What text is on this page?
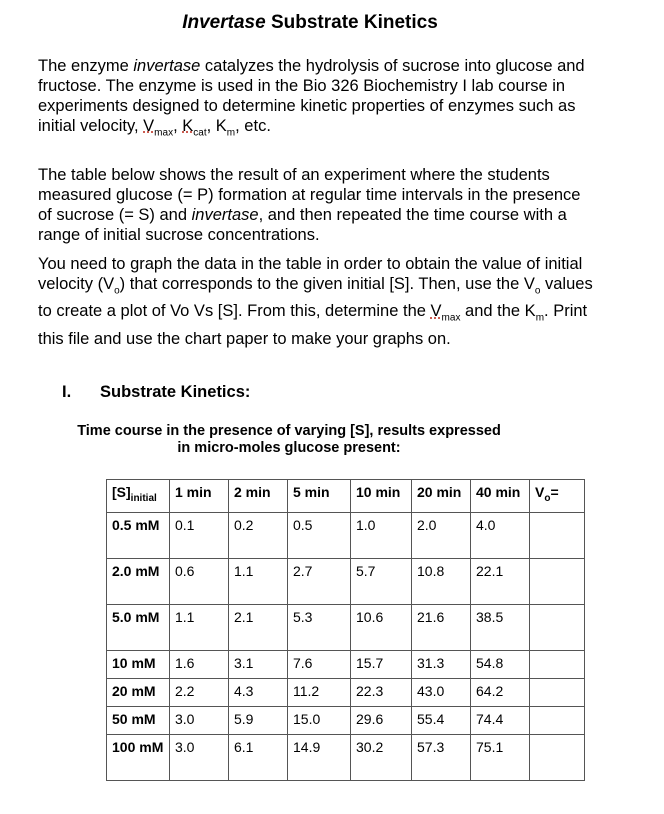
Invertase Substrate Kinetics
The enzyme invertase catalyzes the hydrolysis of sucrose into glucose and fructose. The enzyme is used in the Bio 326 Biochemistry I lab course in experiments designed to determine kinetic properties of enzymes such as initial velocity, $V_{max}$, $K_{cat}$, $K_m$, etc.
The table below shows the result of an experiment where the students measured glucose (= P) formation at regular time intervals in the presence of sucrose (= S) and invertase, and then repeated the time course with a range of initial sucrose concentrations.
You need to graph the data in the table in order to obtain the value of initial velocity $(V_o)$ that corresponds to the given initial [S]. Then, use the $V_o$ values to create a plot of Vo Vs [S]. From this, determine the $V_{max}$ and the $K_m$. Print this file and use the chart paper to make your graphs on.
I. Substrate Kinetics:
Time course in the presence of varying [S], results expressed
in micro-moles glucose present:
$[S]_{initial}$	1 min	2 min	5 min	10 min	20 min	40 min	$V_o=$
0.5 mM	0.1	0.2	0.5	1.0	2.0	4.0	
2.0 mM	0.6	1.1	2.7	5.7	10.8	22.1	
5.0 mM	1.1	2.1	5.3	10.6	21.6	38.5	
10 mM	1.6	3.1	7.6	15.7	31.3	54.8	
20 mM	2.2	4.3	11.2	22.3	43.0	64.2	
50 mM	3.0	5.9	15.0	29.6	55.4	74.4	
100 mM	3.0	6.1	14.9	30.2	57.3	75.1	
